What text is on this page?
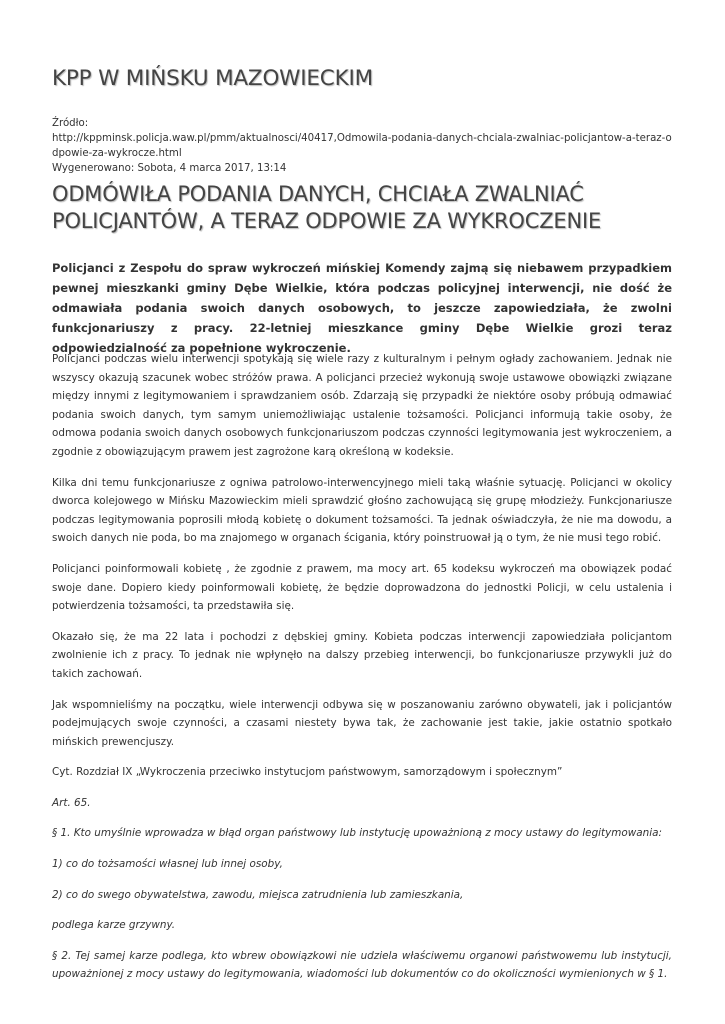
KPP W MIŃSKU MAZOWIECKIM
Źródło:
http://kppminsk.policja.waw.pl/pmm/aktualnosci/40417,Odmowila-podania-danych-chciala-zwalniac-policjantow-a-teraz-odpowie-za-wykrocze.html
Wygenerowano: Sobota, 4 marca 2017, 13:14
ODMÓWIŁA PODANIA DANYCH, CHCIAŁA ZWALNIAĆ POLICJANTÓW, A TERAZ ODPOWIE ZA WYKROCZENIE
Policjanci z Zespołu do spraw wykroczeń mińskiej Komendy zajmą się niebawem przypadkiem pewnej mieszkanki gminy Dębe Wielkie, która podczas policyjnej interwencji, nie dość że odmawiała podania swoich danych osobowych, to jeszcze zapowiedziała, że zwolni funkcjonariuszy z pracy. 22-letniej mieszkance gminy Dębe Wielkie grozi teraz odpowiedzialność za popełnione wykroczenie.

Policjanci podczas wielu interwencji spotykają się wiele razy z kulturalnym i pełnym ogłady zachowaniem. Jednak nie wszyscy okazują szacunek wobec stróżów prawa. A policjanci przecież wykonują swoje ustawowe obowiązki związane między innymi z legitymowaniem i sprawdzaniem osób. Zdarzają się przypadki że niektóre osoby próbują odmawiać podania swoich danych, tym samym uniemożliwiając ustalenie tożsamości. Policjanci informują takie osoby, że odmowa podania swoich danych osobowych funkcjonariuszom podczas czynności legitymowania jest wykroczeniem, a zgodnie z obowiązującym prawem jest zagrożone karą określoną w kodeksie.

Kilka dni temu funkcjonariusze z ogniwa patrolowo-interwencyjnego mieli taką właśnie sytuację. Policjanci w okolicy dworca kolejowego w Mińsku Mazowieckim mieli sprawdzić głośno zachowującą się grupę młodzieży. Funkcjonariusze podczas legitymowania poprosili młodą kobietę o dokument tożsamości. Ta jednak oświadczyła, że nie ma dowodu, a swoich danych nie poda, bo ma znajomego w organach ścigania, który poinstruował ją o tym, że nie musi tego robić.

Policjanci poinformowali kobietę , że zgodnie z prawem, ma mocy art. 65 kodeksu wykroczeń ma obowiązek podać swoje dane. Dopiero kiedy poinformowali kobietę, że będzie doprowadzona do jednostki Policji, w celu ustalenia i potwierdzenia tożsamości, ta przedstawiła się.

Okazało się, że ma 22 lata i pochodzi z dębskiej gminy. Kobieta podczas interwencji zapowiedziała policjantom zwolnienie ich z pracy. To jednak nie wpłynęło na dalszy przebieg interwencji, bo funkcjonariusze przywykli już do takich zachowań.

Jak wspomnieliśmy na początku, wiele interwencji odbywa się w poszanowaniu zarówno obywateli, jak i policjantów podejmujących swoje czynności, a czasami niestety bywa tak, że zachowanie jest takie, jakie ostatnio spotkało mińskich prewencjuszy.

Cyt. Rozdział IX „Wykroczenia przeciwko instytucjom państwowym, samorządowym i społecznym”

Art. 65.

§ 1. Kto umyślnie wprowadza w błąd organ państwowy lub instytucję upoważnioną z mocy ustawy do legitymowania:

1) co do tożsamości własnej lub innej osoby,

2) co do swego obywatelstwa, zawodu, miejsca zatrudnienia lub zamieszkania,

podlega karze grzywny.

§ 2. Tej samej karze podlega, kto wbrew obowiązkowi nie udziela właściwemu organowi państwowemu lub instytucji, upoważnionej z mocy ustawy do legitymowania, wiadomości lub dokumentów co do okoliczności wymienionych w § 1.
